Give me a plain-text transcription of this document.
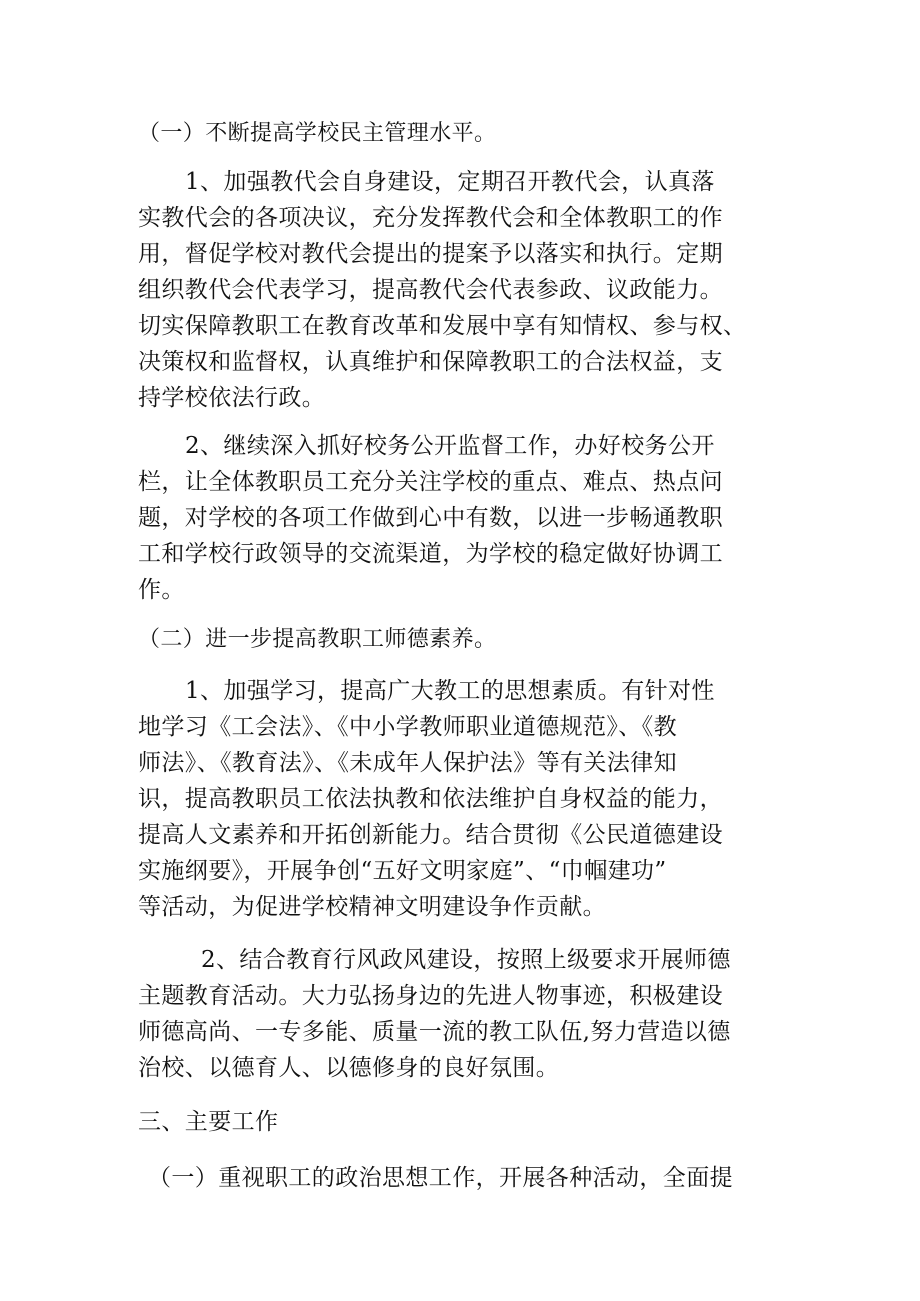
（一）不断提高学校民主管理水平。
1、加强教代会自身建设，定期召开教代会，认真落
实教代会的各项决议，充分发挥教代会和全体教职工的作
用，督促学校对教代会提出的提案予以落实和执行。定期
组织教代会代表学习，提高教代会代表参政、议政能力。
切实保障教职工在教育改革和发展中享有知情权、参与权、
决策权和监督权，认真维护和保障教职工的合法权益，支
持学校依法行政。
2、继续深入抓好校务公开监督工作，办好校务公开
栏，让全体教职员工充分关注学校的重点、难点、热点问
题，对学校的各项工作做到心中有数，以进一步畅通教职
工和学校行政领导的交流渠道，为学校的稳定做好协调工
作。
（二）进一步提高教职工师德素养。
1、加强学习，提高广大教工的思想素质。有针对性
地学习《工会法》、《中小学教师职业道德规范》、《教
师法》、《教育法》、《未成年人保护法》等有关法律知
识，提高教职员工依法执教和依法维护自身权益的能力，
提高人文素养和开拓创新能力。结合贯彻《公民道德建设
实施纲要》，开展争创“五好文明家庭”、“巾帼建功”
等活动，为促进学校精神文明建设争作贡献。
2、结合教育行风政风建设，按照上级要求开展师德
主题教育活动。大力弘扬身边的先进人物事迹，积极建设
师德高尚、一专多能、质量一流的教工队伍,努力营造以德
治校、以德育人、以德修身的良好氛围。
三、主要工作
（一）重视职工的政治思想工作，开展各种活动，全面提
